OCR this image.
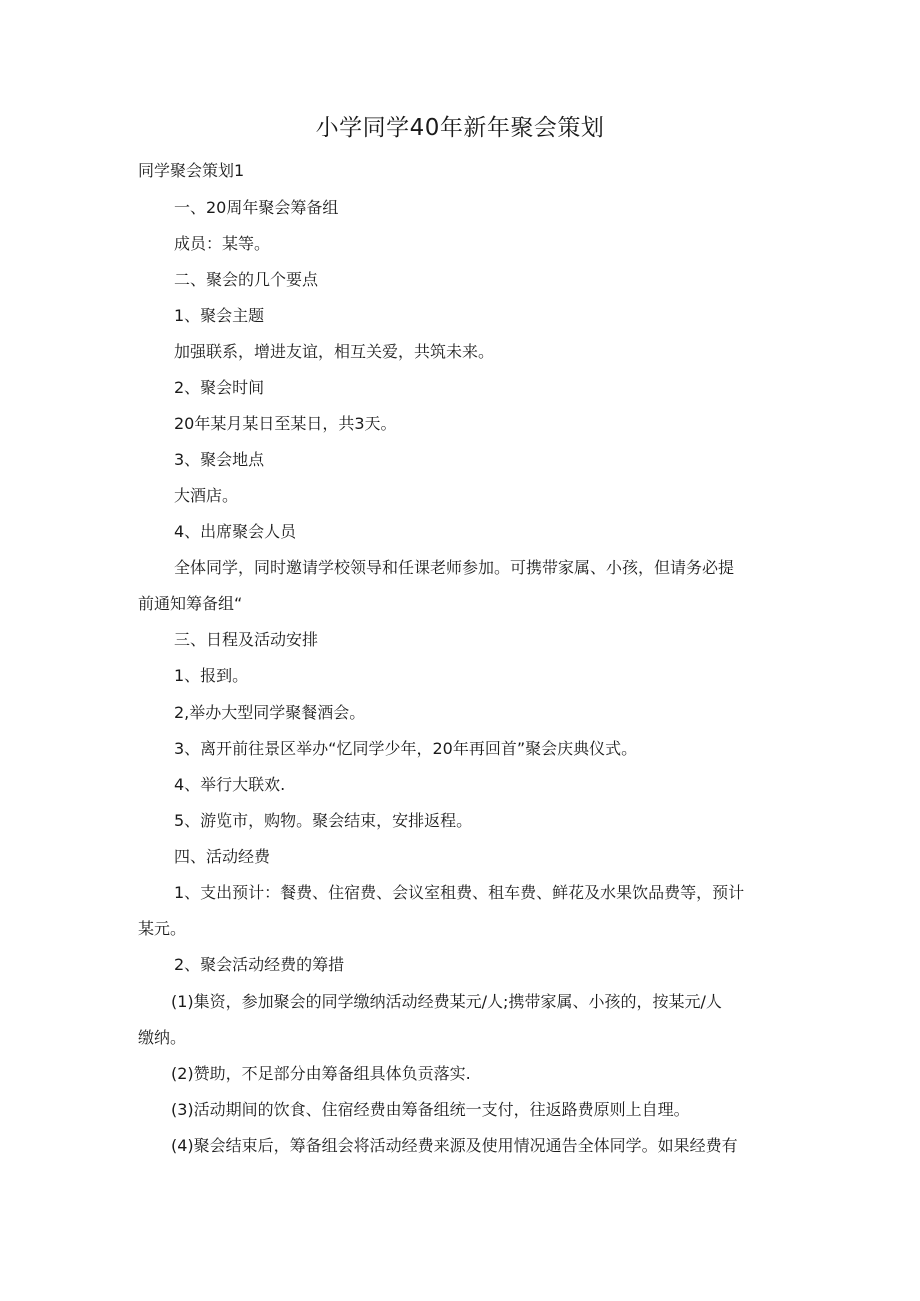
小学同学40年新年聚会策划
同学聚会策划1
一、20周年聚会筹备组
成员：某等。
二、聚会的几个要点
1、聚会主题
加强联系，增进友谊，相互关爱，共筑未来。
2、聚会时间
20年某月某日至某日，共3天。
3、聚会地点
大酒店。
4、出席聚会人员
全体同学，同时邀请学校领导和任课老师参加。可携带家属、小孩，但请务必提
前通知筹备组“
三、日程及活动安排
1、报到。
2,举办大型同学聚餐酒会。
3、离开前往景区举办“忆同学少年，20年再回首”聚会庆典仪式。
4、举行大联欢.
5、游览市，购物。聚会结束，安排返程。
四、活动经费
1、支出预计：餐费、住宿费、会议室租费、租车费、鲜花及水果饮品费等，预计
某元。
2、聚会活动经费的筹措
(1)集资，参加聚会的同学缴纳活动经费某元/人;携带家属、小孩的，按某元/人
缴纳。
(2)赞助，不足部分由筹备组具体负贡落实.
(3)活动期间的饮食、住宿经费由筹备组统一支付，往返路费原则上自理。
(4)聚会结束后，筹备组会将活动经费来源及使用情况通告全体同学。如果经费有
